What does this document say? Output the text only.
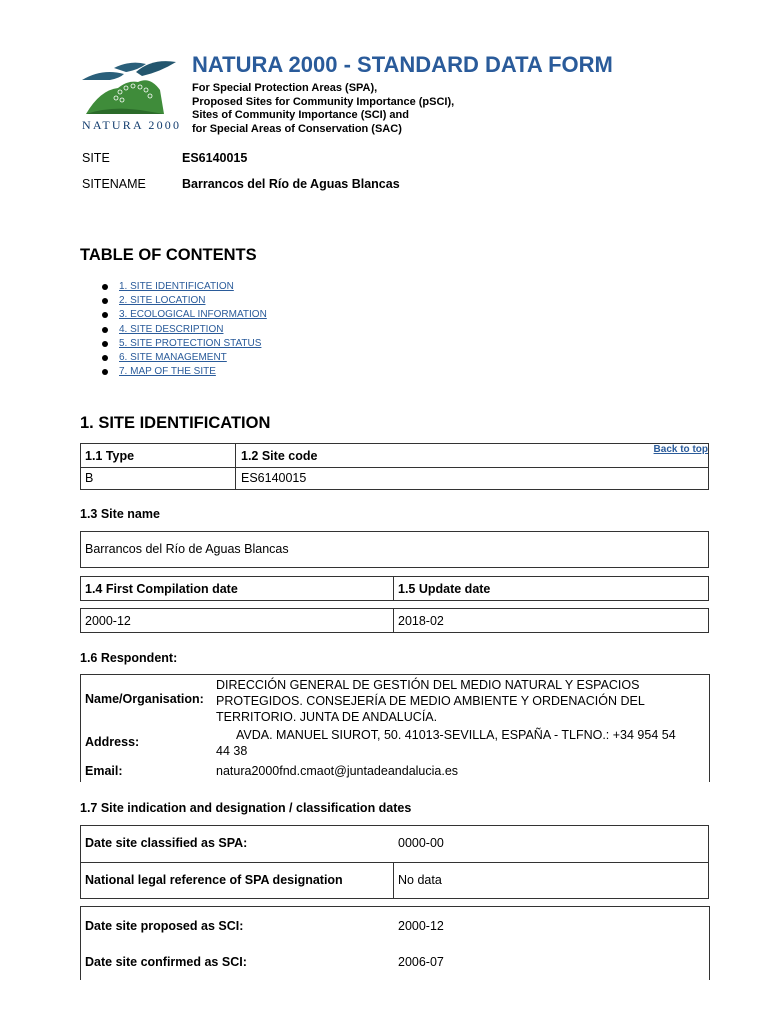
NATURA 2000
NATURA 2000 - STANDARD DATA FORM
For Special Protection Areas (SPA),
Proposed Sites for Community Importance (pSCI),
Sites of Community Importance (SCI) and
for Special Areas of Conservation (SAC)
SITE	ES6140015
SITENAME	Barrancos del Río de Aguas Blancas
TABLE OF CONTENTS
1. SITE IDENTIFICATION
2. SITE LOCATION
3. ECOLOGICAL INFORMATION
4. SITE DESCRIPTION
5. SITE PROTECTION STATUS
6. SITE MANAGEMENT
7. MAP OF THE SITE
1. SITE IDENTIFICATION
Back to top
1.1 Type	1.2 Site code
B	ES6140015
1.3 Site name
Barrancos del Río de Aguas Blancas
1.4 First Compilation date	1.5 Update date
2000-12	2018-02
1.6 Respondent:
Name/Organisation:
DIRECCIÓN GENERAL DE GESTIÓN DEL MEDIO NATURAL Y ESPACIOS
PROTEGIDOS. CONSEJERÍA DE MEDIO AMBIENTE Y ORDENACIÓN DEL
TERRITORIO. JUNTA DE ANDALUCÍA.
Address:	AVDA. MANUEL SIUROT, 50. 41013-SEVILLA, ESPAÑA - TLFNO.: +34 954 54
44 38
Email:	natura2000fnd.cmaot@juntadeandalucia.es
1.7 Site indication and designation / classification dates
Date site classified as SPA:	0000-00
National legal reference of SPA designation	No data
Date site proposed as SCI:	2000-12
Date site confirmed as SCI:	2006-07
